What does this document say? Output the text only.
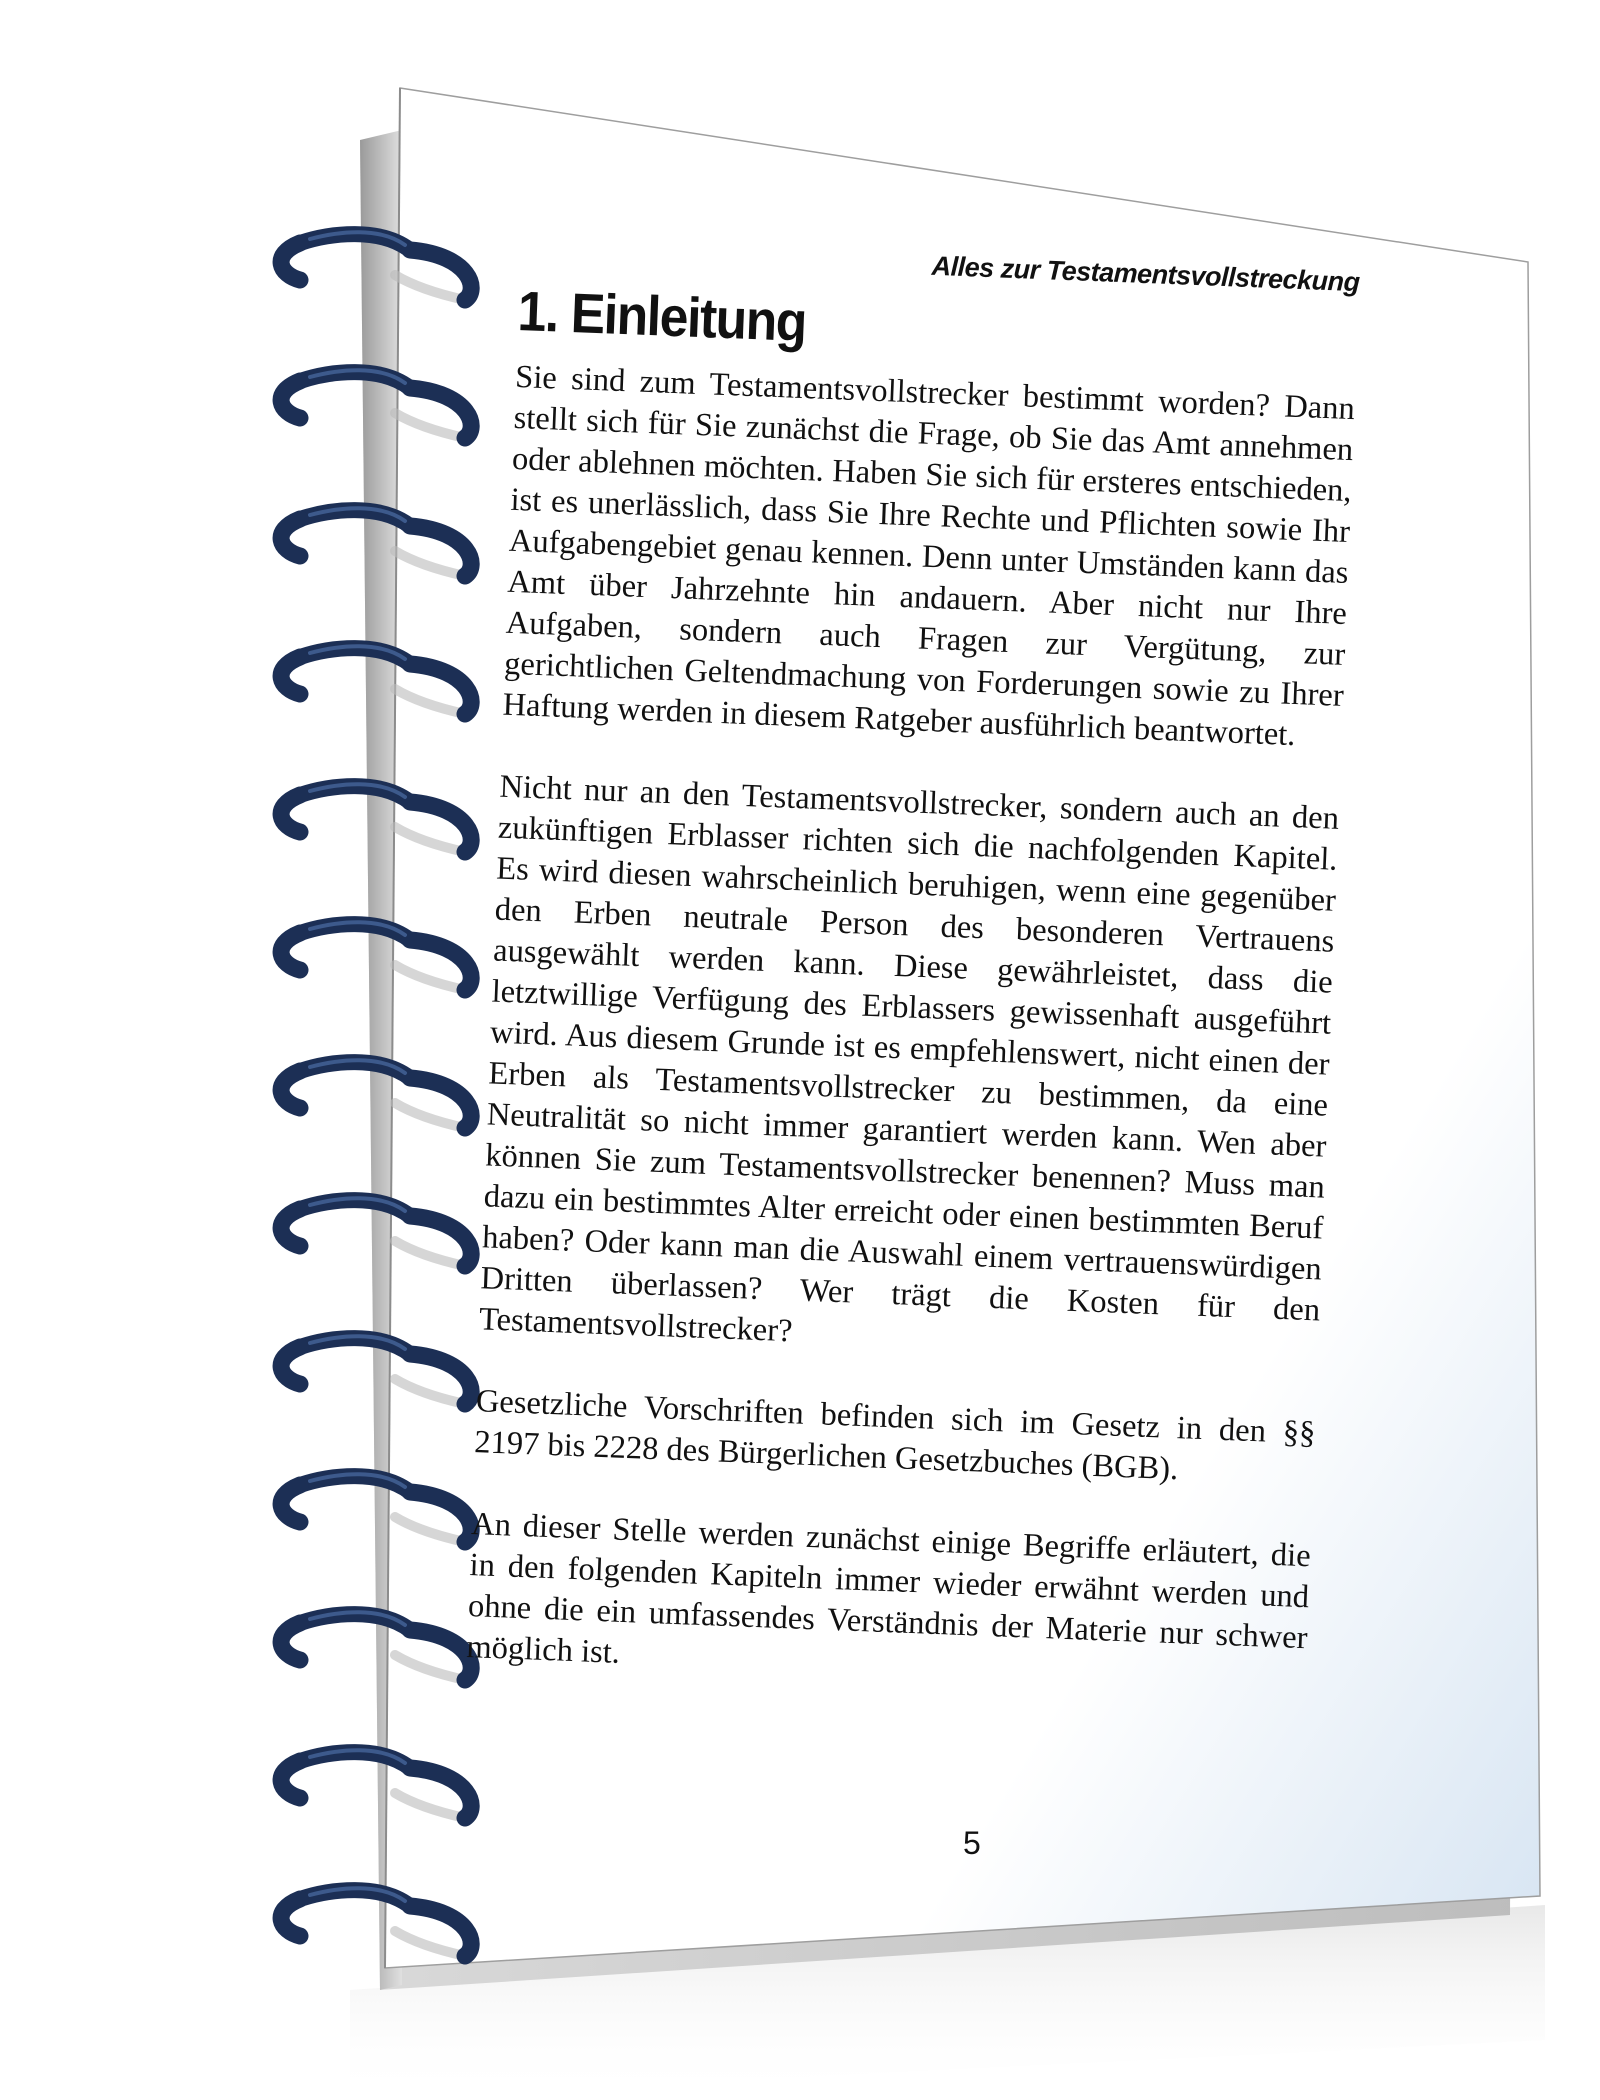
Alles zur Testamentsvollstreckung
1. Einleitung

Sie sind zum Testamentsvollstrecker bestimmt worden? Dann stellt sich für Sie zunächst die Frage, ob Sie das Amt annehmen oder ablehnen möchten. Haben Sie sich für ersteres entschieden, ist es unerlässlich, dass Sie Ihre Rechte und Pflichten sowie Ihr Aufgabengebiet genau kennen. Denn unter Umständen kann das Amt über Jahrzehnte hin andauern. Aber nicht nur Ihre Aufgaben, sondern auch Fragen zur Vergütung, zur gerichtlichen Geltendmachung von Forderungen sowie zu Ihrer Haftung werden in diesem Ratgeber ausführlich beantwortet.

Nicht nur an den Testamentsvollstrecker, sondern auch an den zukünftigen Erblasser richten sich die nachfolgenden Kapitel. Es wird diesen wahrscheinlich beruhigen, wenn eine gegenüber den Erben neutrale Person des besonderen Vertrauens ausgewählt werden kann. Diese gewährleistet, dass die letztwillige Verfügung des Erblassers gewissenhaft ausgeführt wird. Aus diesem Grunde ist es empfehlenswert, nicht einen der Erben als Testamentsvollstrecker zu bestimmen, da eine Neutralität so nicht immer garantiert werden kann. Wen aber können Sie zum Testamentsvollstrecker benennen? Muss man dazu ein bestimmtes Alter erreicht oder einen bestimmten Beruf haben? Oder kann man die Auswahl einem vertrauenswürdigen Dritten überlassen? Wer trägt die Kosten für den Testamentsvollstrecker?

Gesetzliche Vorschriften befinden sich im Gesetz in den §§ 2197 bis 2228 des Bürgerlichen Gesetzbuches (BGB).

An dieser Stelle werden zunächst einige Begriffe erläutert, die in den folgenden Kapiteln immer wieder erwähnt werden und ohne die ein umfassendes Verständnis der Materie nur schwer möglich ist.

5
